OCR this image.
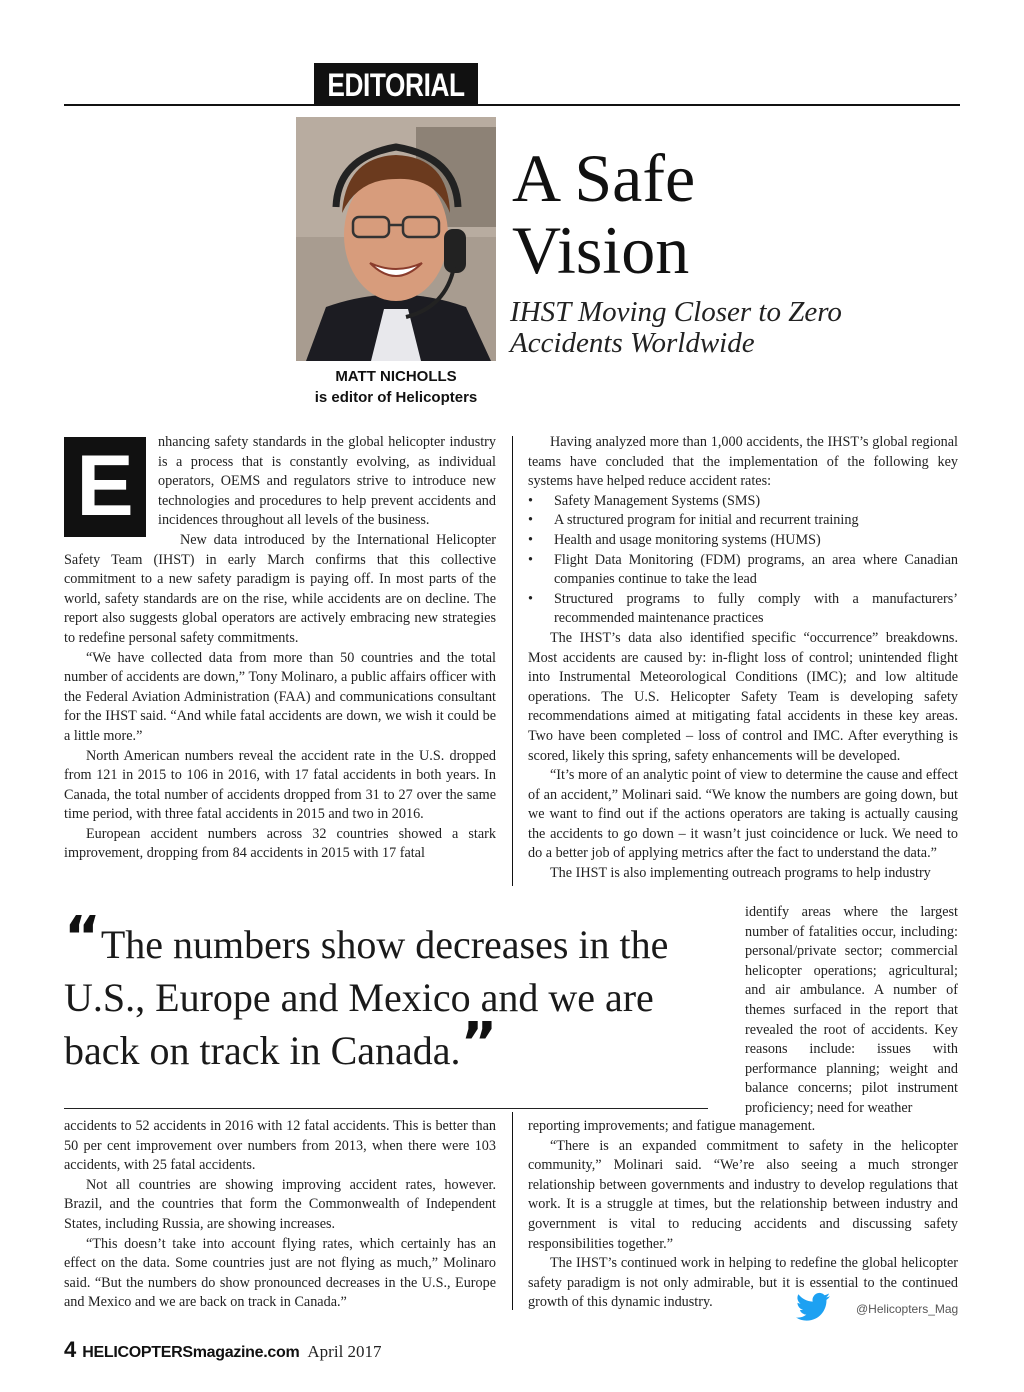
EDITORIAL
MATT NICHOLLS
is editor of Helicopters
A Safe
Vision
IHST Moving Closer to Zero
Accidents Worldwide

E	nhancing safety standards in the global helicopter industry is a process that is constantly evolving, as individual operators, OEMS and regulators strive to introduce new technologies and procedures to help prevent accidents and incidences throughout all levels of the business.

New data introduced by the International Helicopter Safety Team (IHST) in early March confirms that this collective commitment to a new safety paradigm is paying off. In most parts of the world, safety standards are on the rise, while accidents are on decline. The report also suggests global operators are actively embracing new strategies to redefine personal safety commitments.

“We have collected data from more than 50 countries and the total number of accidents are down,” Tony Molinaro, a public affairs officer with the Federal Aviation Administration (FAA) and communications consultant for the IHST said. “And while fatal accidents are down, we wish it could be a little more.”

North American numbers reveal the accident rate in the U.S. dropped from 121 in 2015 to 106 in 2016, with 17 fatal accidents in both years. In Canada, the total number of accidents dropped from 31 to 27 over the same time period, with three fatal accidents in 2015 and two in 2016.

European accident numbers across 32 countries showed a stark improvement, dropping from 84 accidents in 2015 with 17 fatal

Having analyzed more than 1,000 accidents, the IHST’s global regional teams have concluded that the implementation of the following key systems have helped reduce accident rates:

• Safety Management Systems (SMS)
• A structured program for initial and recurrent training
• Health and usage monitoring systems (HUMS)
• Flight Data Monitoring (FDM) programs, an area where Canadian companies continue to take the lead
• Structured programs to fully comply with a manufacturers’ recommended maintenance practices

The IHST’s data also identified specific “occurrence” breakdowns. Most accidents are caused by: in-flight loss of control; unintended flight into Instrumental Meteorological Conditions (IMC); and low altitude operations. The U.S. Helicopter Safety Team is developing safety recommendations aimed at mitigating fatal accidents in these key areas. Two have been completed – loss of control and IMC. After everything is scored, likely this spring, safety enhancements will be developed.

“It’s more of an analytic point of view to determine the cause and effect of an accident,” Molinari said. “We know the numbers are going down, but we want to find out if the actions operators are taking is actually causing the accidents to go down – it wasn’t just coincidence or luck. We need to do a better job of applying metrics after the fact to understand the data.”

The IHST is also implementing outreach programs to help industry

“The numbers show decreases in the U.S., Europe and Mexico and we are back on track in Canada.”

identify areas where the largest number of fatalities occur, including: personal/private sector; commercial helicopter operations; agricultural; and air ambulance. A number of themes surfaced in the report that revealed the root of accidents. Key reasons include: issues with performance planning; weight and balance concerns; pilot instrument proficiency; need for weather

accidents to 52 accidents in 2016 with 12 fatal accidents. This is better than 50 per cent improvement over numbers from 2013, when there were 103 accidents, with 25 fatal accidents.

Not all countries are showing improving accident rates, however. Brazil, and the countries that form the Commonwealth of Independent States, including Russia, are showing increases.

“This doesn’t take into account flying rates, which certainly has an effect on the data. Some countries just are not flying as much,” Molinaro said. “But the numbers do show pronounced decreases in the U.S., Europe and Mexico and we are back on track in Canada.”

reporting improvements; and fatigue management.

“There is an expanded commitment to safety in the helicopter community,” Molinari said. “We’re also seeing a much stronger relationship between governments and industry to develop regulations that work. It is a struggle at times, but the relationship between industry and government is vital to reducing accidents and discussing safety responsibilities together.”

The IHST’s continued work in helping to redefine the global helicopter safety paradigm is not only admirable, but it is essential to the continued growth of this dynamic industry.	@Helicopters_Mag
4 HELICOPTERSmagazine.com April 2017
